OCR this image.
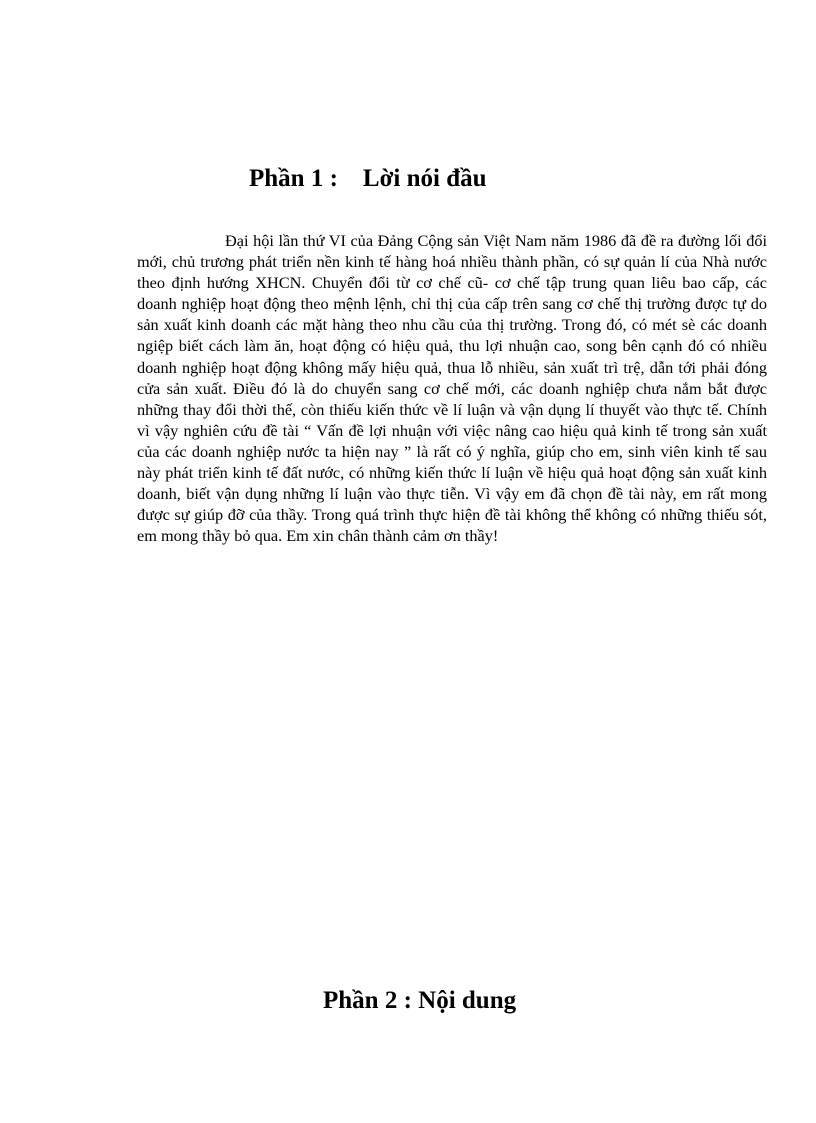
Phần 1 :    Lời nói đầu

Đại hội lần thứ VI của Đảng Cộng sản Việt Nam năm 1986 đã đề ra đường lối đổi mới, chủ trương phát triển nền kinh tế hàng hoá nhiều thành phần, có sự quản lí của Nhà nước theo định hướng XHCN. Chuyển đổi từ cơ chế cũ- cơ chế tập trung quan liêu bao cấp, các doanh nghiệp hoạt động theo mệnh lệnh, chỉ thị của cấp trên sang cơ chế thị trường được tự do sản xuất kinh doanh các mặt hàng theo nhu cầu của thị trường. Trong đó, có mét sè các doanh ngiệp biết cách làm ăn, hoạt động có hiệu quả, thu lợi nhuận cao, song bên cạnh đó có nhiều doanh nghiệp hoạt động không mấy hiệu quả, thua lỗ nhiều, sản xuất trì trệ, dẫn tới phải đóng cửa sản xuất. Điều đó là do chuyển sang cơ chế mới, các doanh nghiệp chưa nắm bắt được những thay đổi thời thế, còn thiếu kiến thức về lí luận và vận dụng lí thuyết vào thực tế. Chính vì vậy nghiên cứu đề tài “ Vấn đề lợi nhuận với việc nâng cao hiệu quả kinh tế trong sản xuất của các doanh nghiệp nước ta hiện nay ” là rất có ý nghĩa, giúp cho em, sinh viên kinh tế sau này phát triển kinh tế đất nước, có những kiến thức lí luận về hiệu quả hoạt động sản xuất kinh doanh, biết vận dụng những lí luận vào thực tiễn. Vì vậy em đã chọn đề tài này, em rất mong được sự giúp đỡ của thầy. Trong quá trình thực hiện đề tài không thể không có những thiếu sót, em mong thầy bỏ qua. Em xin chân thành cảm ơn thầy!

Phần 2 : Nội dung
